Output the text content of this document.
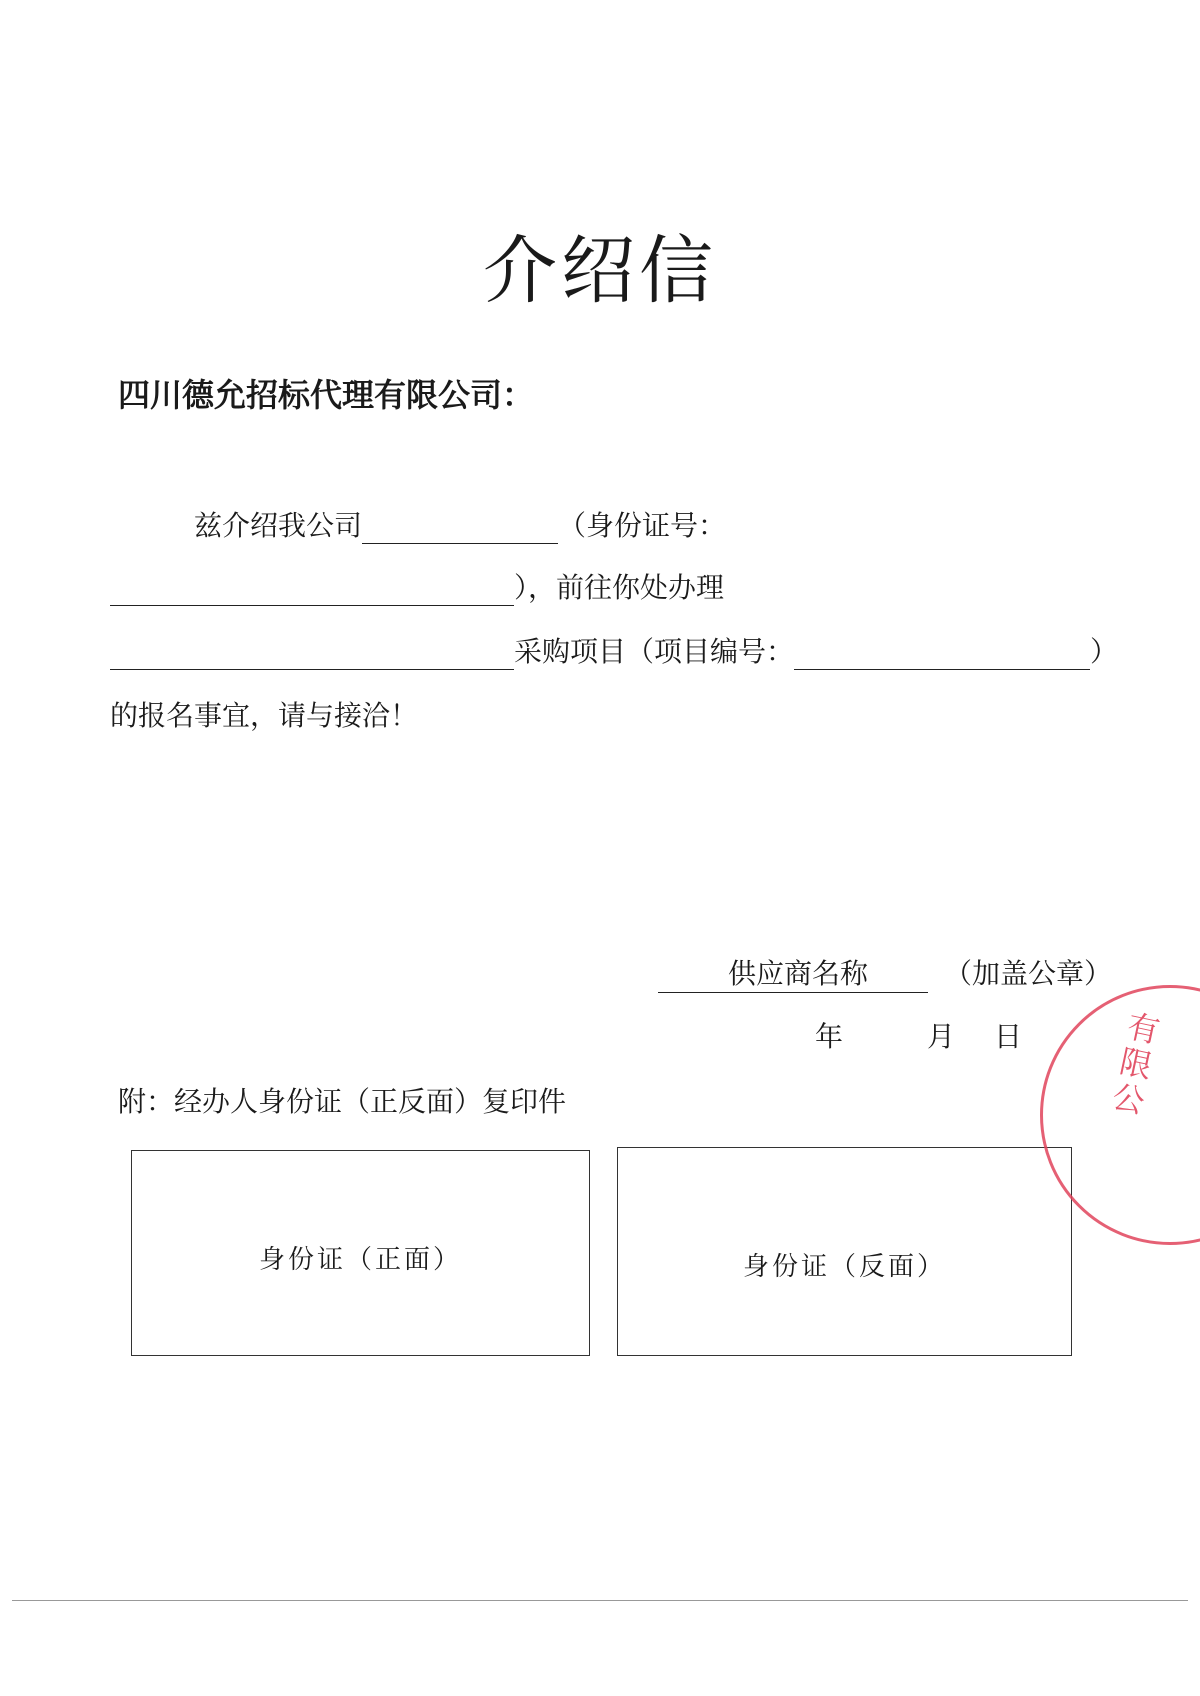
介绍信
四川德允招标代理有限公司：
兹介绍我公司	（身份证号：
），前往你处办理
采购项目（项目编号：	）
的报名事宜，请与接洽！
供应商名称	（加盖公章）
年	月 日
附：经办人身份证（正反面）复印件
身份证（正面）	身份证（反面）
有限公
